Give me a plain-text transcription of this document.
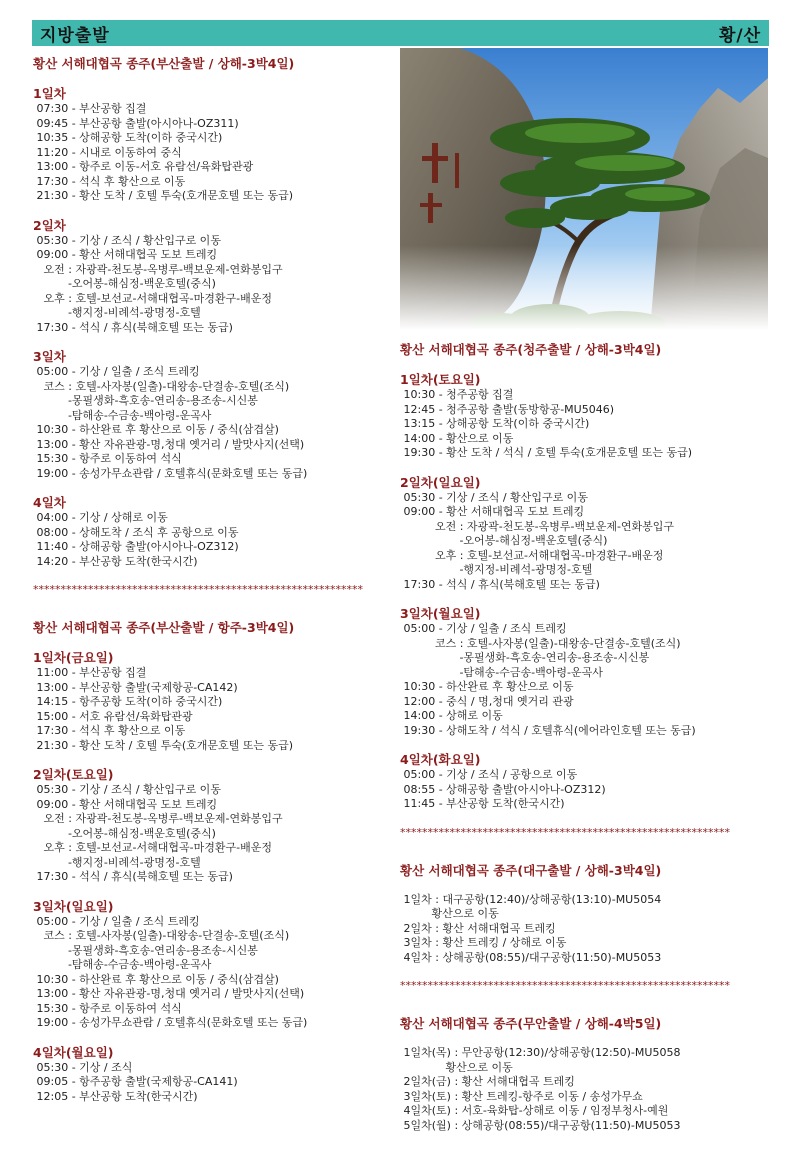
지방출발	황/산
황산 서해대협곡 종주(부산출발 / 상해-3박4일)
1일차
07:30 - 부산공항 집결
09:45 - 부산공항 출발(아시아나-OZ311)
10:35 - 상해공항 도착(이하 중국시간)
11:20 - 시내로 이동하여 중식
13:00 - 항주로 이동-서호 유람선/육화탑관광
17:30 - 석식 후 황산으로 이동
21:30 - 황산 도착 / 호텔 투숙(호개문호텔 또는 동급)
2일차
05:30 - 기상 / 조식 / 황산입구로 이동
09:00 - 황산 서해대협곡 도보 트레킹
오전 : 자광곽-천도봉-옥병루-백보운제-연화봉입구
-오어봉-해심정-백운호텔(중식)
오후 : 호텔-보선교-서해대협곡-마경환구-배운정
-행지정-비례석-광명정-호텔
17:30 - 석식 / 휴식(북해호텔 또는 동급)
3일차
05:00 - 기상 / 일출 / 조식 트레킹
코스 : 호텔-사자봉(일출)-대왕송-단결송-호텔(조식)
-몽필생화-흑호송-연리송-용조송-시신봉
-탐해송-수금송-백아령-운곡사
10:30 - 하산완료 후 황산으로 이동 / 중식(삼겹살)
13:00 - 황산 자유관광-명,청대 옛거리 / 발맛사지(선택)
15:30 - 항주로 이동하여 석식
19:00 - 송성가무쇼관람 / 호텔휴식(문화호텔 또는 동급)
4일차
04:00 - 기상 / 상해로 이동
08:00 - 상해도착 / 조식 후 공항으로 이동
11:40 - 상해공항 출발(아시아나-OZ312)
14:20 - 부산공항 도착(한국시간)
************************************************************
황산 서해대협곡 종주(부산출발 / 항주-3박4일)
1일차(금요일)
11:00 - 부산공항 집결
13:00 - 부산공항 출발(국제항공-CA142)
14:15 - 항주공항 도착(이하 중국시간)
15:00 - 서호 유람선/육화탑관광
17:30 - 석식 후 황산으로 이동
21:30 - 황산 도착 / 호텔 투숙(호개문호텔 또는 동급)
2일차(토요일)
05:30 - 기상 / 조식 / 황산입구로 이동
09:00 - 황산 서해대협곡 도보 트레킹
오전 : 자광곽-천도봉-옥병루-백보운제-연화봉입구
-오어봉-해심정-백운호텔(중식)
오후 : 호텔-보선교-서해대협곡-마경환구-배운정
-행지정-비례석-광명정-호텔
17:30 - 석식 / 휴식(북해호텔 또는 동급)
3일차(일요일)
05:00 - 기상 / 일출 / 조식 트레킹
코스 : 호텔-사자봉(일출)-대왕송-단결송-호텔(조식)
-몽필생화-흑호송-연리송-용조송-시신봉
-탐해송-수금송-백아령-운곡사
10:30 - 하산완료 후 황산으로 이동 / 중식(삼겹살)
13:00 - 황산 자유관광-명,청대 옛거리 / 발맛사지(선택)
15:30 - 항주로 이동하여 석식
19:00 - 송성가무쇼관람 / 호텔휴식(문화호텔 또는 동급)
4일차(월요일)
05:30 - 기상 / 조식
09:05 - 항주공항 출발(국제항공-CA141)
12:05 - 부산공항 도착(한국시간)
황산 서해대협곡 종주(청주출발 / 상해-3박4일)
1일차(토요일)
10:30 - 청주공항 집결
12:45 - 청주공항 출발(동방항공-MU5046)
13:15 - 상해공항 도착(이하 중국시간)
14:00 - 황산으로 이동
19:30 - 황산 도착 / 석식 / 호텔 투숙(호개문호텔 또는 동급)
2일차(일요일)
05:30 - 기상 / 조식 / 황산입구로 이동
09:00 - 황산 서해대협곡 도보 트레킹
오전 : 자광곽-천도봉-옥병루-백보운제-연화봉입구
-오어봉-해심정-백운호텔(중식)
오후 : 호텔-보선교-서해대협곡-마경환구-배운정
-행지정-비례석-광명정-호텔
17:30 - 석식 / 휴식(북해호텔 또는 동급)
3일차(월요일)
05:00 - 기상 / 일출 / 조식 트레킹
코스 : 호텔-사자봉(일출)-대왕송-단결송-호텔(조식)
-몽필생화-흑호송-연리송-용조송-시신봉
-탐해송-수금송-백아령-운곡사
10:30 - 하산완료 후 황산으로 이동
12:00 - 중식 / 명,청대 옛거리 관광
14:00 - 상해로 이동
19:30 - 상해도착 / 석식 / 호텔휴식(에어라인호텔 또는 동급)
4일차(화요일)
05:00 - 기상 / 조식 / 공항으로 이동
08:55 - 상해공항 출발(아시아나-OZ312)
11:45 - 부산공항 도착(한국시간)
************************************************************
황산 서해대협곡 종주(대구출발 / 상해-3박4일)
1일차 : 대구공항(12:40)/상해공항(13:10)-MU5054
황산으로 이동
2일차 : 황산 서해대협곡 트레킹
3일차 : 황산 트레킹 / 상해로 이동
4일차 : 상해공항(08:55)/대구공항(11:50)-MU5053
************************************************************
황산 서해대협곡 종주(무안출발 / 상해-4박5일)
1일차(목) : 무안공항(12:30)/상해공항(12:50)-MU5058
황산으로 이동
2일차(금) : 황산 서해대협곡 트레킹
3일차(토) : 황산 트레킹-항주로 이동 / 송성가무쇼
4일차(토) : 서호-육화탑-상해로 이동 / 임정부청사-예원
5일차(월) : 상해공항(08:55)/대구공항(11:50)-MU5053
